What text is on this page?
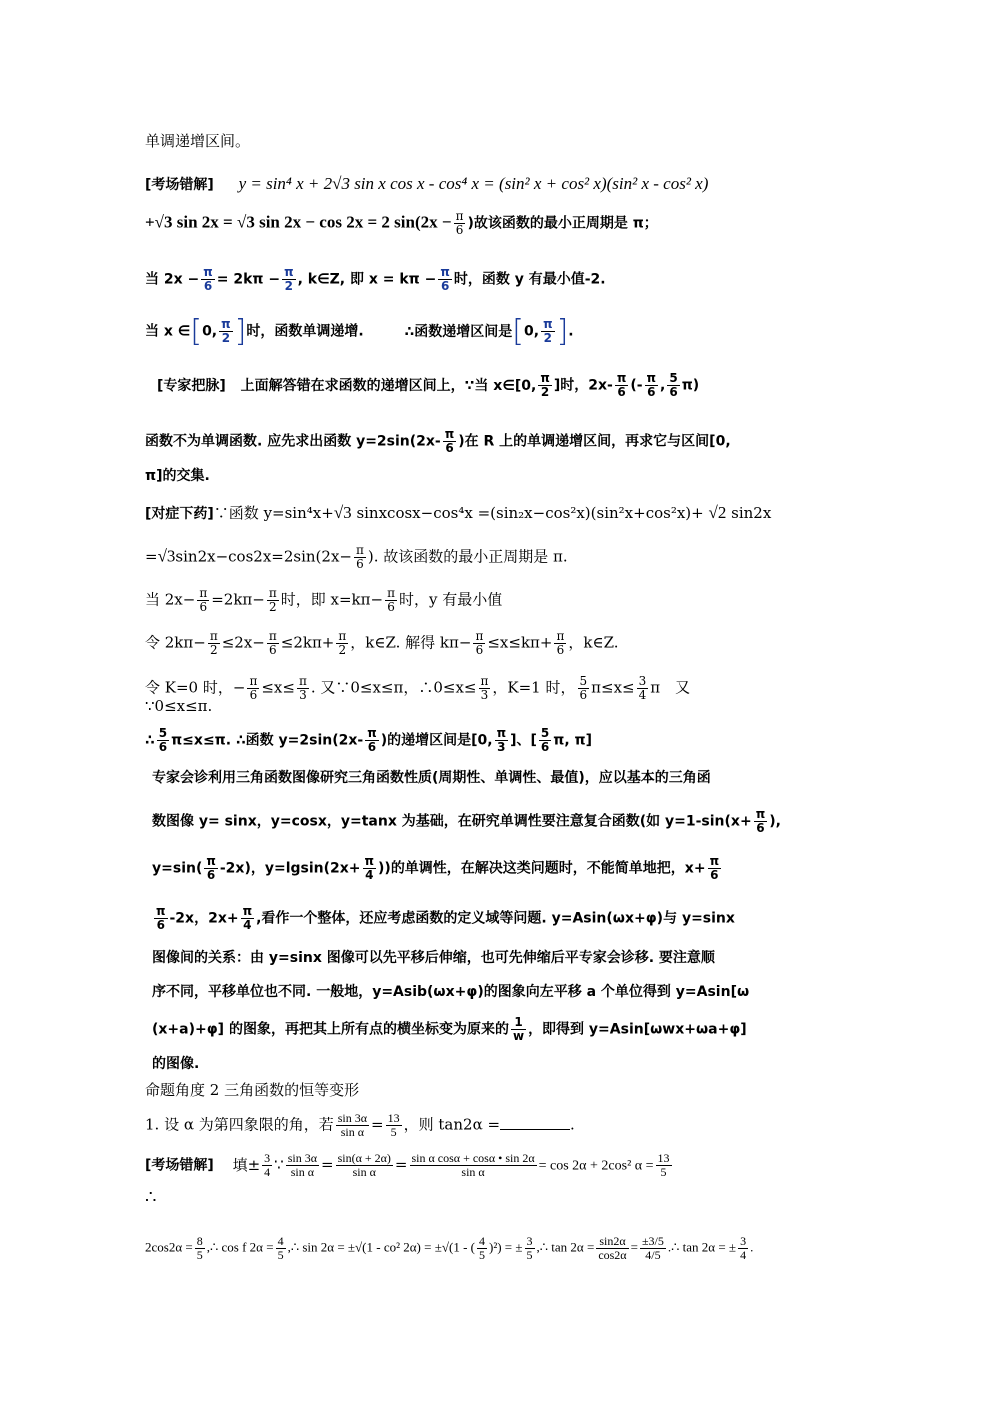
单调递增区间。
[考场错解] y = sin⁴ x + 2√3 sin x cos x - cos⁴ x = (sin² x + cos² x)(sin² x - cos² x)
+√3 sin 2x = √3 sin 2x − cos 2x = 2 $\sin(2x - \frac{\pi}{6}$ )故该函数的最小正周期是 π；
当 $2x - \frac{\pi}{6} = 2k\pi - \frac{\pi}{2}$ , k∈Z, 即 $x = k\pi - \frac{\pi}{6}$ 时，函数 y 有最小值-2.
当 x ∈[0, $\frac{\pi}{2}$ ]时，函数单调递增.	∴函数递增区间是[0, $\frac{\pi}{2}$ ].
[专家把脉] 上面解答错在求函数的递增区间上，∵当 x∈[0, $\frac{\pi}{2}$ ]时，$2x- \frac{\pi}{6}$ (- $\frac{\pi}{6}$ , $\frac{5}{6} \pi$)
函数不为单调函数. 应先求出函数 $y=2\sin(2x- \frac{\pi}{6}$ )在 R 上的单调递增区间，再求它与区间[0,
π]的交集.
[对症下药]∵函数 y=sin⁴x+√3 sinxcosx−cos⁴x =(sin₂x−cos²x)(sin²x+cos²x)+ √2 sin2x
$=√3\sin 2x-\cos 2x=2\sin(2x- \frac{\pi}{6}$ ). 故该函数的最小正周期是 π.
当 $2x- \frac{\pi}{6} =2k\pi- \frac{\pi}{2}$ 时，即 $x=k\pi- \frac{\pi}{6}$ 时，y 有最小值
令 $2k\pi- \frac{\pi}{2} \le 2x- \frac{\pi}{6} \le 2k\pi+ \frac{\pi}{2}$ ，k∈Z. 解得 $k\pi- \frac{\pi}{6} \le x\le k\pi+ \frac{\pi}{6}$ ，k∈Z.
令 K=0 时，− $\frac{\pi}{6} \le x\le \frac{\pi}{3}$ . 又∵0≤x≤π，∴0≤x≤ $\frac{\pi}{3}$ ，K=1 时， $\frac{5}{6} \pi\le x\le \frac{3}{4}$ π　又
∵0≤x≤π.
∴ $\frac{5}{6} \pi\le x\le\pi$. ∴函数 $y=2\sin(2x- \frac{\pi}{6}$ )的递增区间是[0, $\frac{\pi}{3}$ ]、[ $\frac{5}{6} \pi$, π]
专家会诊利用三角函数图像研究三角函数性质(周期性、单调性、最值)，应以基本的三角函
数图像 y= sinx，y=cosx，y=tanx 为基础，在研究单调性要注意复合函数(如 $y=1-\sin(x+ \frac{\pi}{6}$ ),
$y=\sin( \frac{\pi}{6} -2x)$，$y=lgsin(2x+ \frac{\pi}{4}$ ))的单调性，在解决这类问题时，不能简单地把，$x+ \frac{\pi}{6}$
$\frac{\pi}{6} -2x$，$2x+ \frac{\pi}{4}$ ,看作一个整体，还应考虑函数的定义域等问题. y=Asin(ωx+φ)与 y=sinx
图像间的关系：由 y=sinx 图像可以先平移后伸缩，也可先伸缩后平专家会诊移. 要注意顺
序不同，平移单位也不同. 一般地，y=Asib(ωx+φ)的图象向左平移 a 个单位得到 y=Asin[ω
(x+a)+φ] 的图象，再把其上所有点的横坐标变为原来的 $\frac{1}{w}$ ，即得到 y=Asin[ωwx+ωa+φ]
的图像.
命题角度 2 三角函数的恒等变形
1. 设 α 为第四象限的角，若 $\frac{\sin 3\alpha}{\text{sin α}} = \frac{13}{5}$ ，则 tan2α =	.
[考场错解] 填± $\frac{3}{4}$ ∵ $\frac{\sin 3\alpha}{\text{sin α}} = \frac{\sin(\alpha + 2\alpha)}{\text{sin α}} = \frac{\text{sin α cosα + cosα • sin 2α}}{\text{sin α}} = \cos 2\alpha + 2\cos^2$ $\alpha = \frac{13}{5}$
∴
$2\cos 2\alpha = \frac{8}{5}$ ,∴ cos f $2\alpha = \frac{4}{5}$ ,∴ sin 2α = ±√(1 - co² 2α) = ±√(1 - ( $\frac{4}{5} )^2$) = ± $\frac{3}{5}$ ,∴ $\tan 2\alpha = \frac{\sin 2\alpha}{\cos 2\alpha} = \frac{\pm 3/5}{4/5}$ .∴ tan 2α = ± $\frac{3}{4}$ .
